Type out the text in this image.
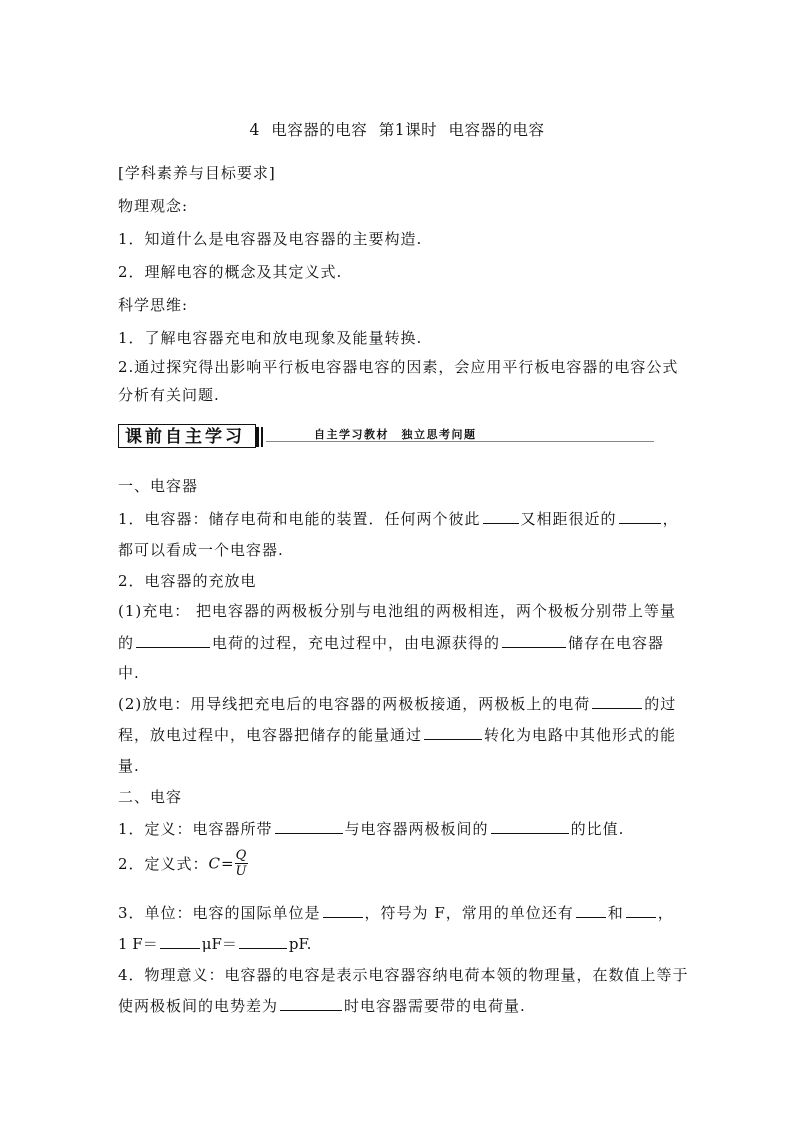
4 电容器的电容 第1课时 电容器的电容
[学科素养与目标要求]
物理观念:
1．知道什么是电容器及电容器的主要构造.
2．理解电容的概念及其定义式.
科学思维:
1．了解电容器充电和放电现象及能量转换.
2.通过探究得出影响平行板电容器电容的因素，会应用平行板电容器的电容公式
分析有关问题.
课前自主学习	自主学习教材　独立思考问题
一、电容器
1．电容器：储存电荷和电能的装置．任何两个彼此	又相距很近的	，
都可以看成一个电容器.
2．电容器的充放电
(1)充电： 把电容器的两极板分别与电池组的两极相连，两个极板分别带上等量
的	电荷的过程，充电过程中，由电源获得的	储存在电容器
中.
(2)放电：用导线把充电后的电容器的两极板接通，两极板上的电荷	的过
程，放电过程中，电容器把储存的能量通过	转化为电路中其他形式的能
量.
二、电容
1．定义：电容器所带	与电容器两极板间的	的比值.
2．定义式：$C= \frac{Q}{U}$
3．单位：电容的国际单位是	，符号为 F，常用的单位还有 和 ，
1 F＝	μF＝	pF.
4．物理意义：电容器的电容是表示电容器容纳电荷本领的物理量，在数值上等于
使两极板间的电势差为	时电容器需要带的电荷量.
